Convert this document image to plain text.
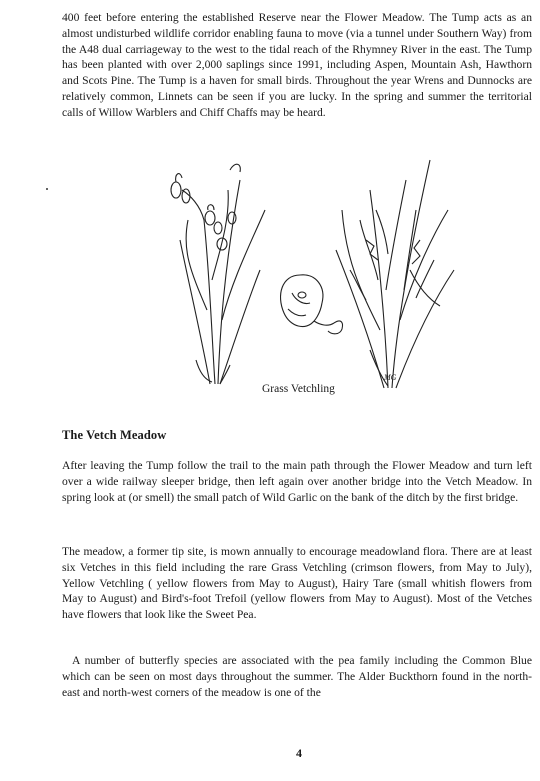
400 feet before entering the established Reserve near the Flower Meadow. The Tump acts as an almost undisturbed wildlife corridor enabling fauna to move (via a tunnel under Southern Way) from the A48 dual carriageway to the west to the tidal reach of the Rhymney River in the east. The Tump has been planted with over 2,000 saplings since 1991, including Aspen, Mountain Ash, Hawthorn and Scots Pine. The Tump is a haven for small birds. Throughout the year Wrens and Dunnocks are relatively common, Linnets can be seen if you are lucky. In the spring and summer the territorial calls of Willow Warblers and Chiff Chaffs may be heard.

MG

Grass Vetchling

The Vetch Meadow

After leaving the Tump follow the trail to the main path through the Flower Meadow and turn left over a wide railway sleeper bridge, then left again over another bridge into the Vetch Meadow. In spring look at (or smell) the small patch of Wild Garlic on the bank of the ditch by the first bridge.

The meadow, a former tip site, is mown annually to encourage meadowland flora. There are at least six Vetches in this field including the rare Grass Vetchling (crimson flowers, from May to July), Yellow Vetchling ( yellow flowers from May to August), Hairy Tare (small whitish flowers from May to August) and Bird's-foot Trefoil (yellow flowers from May to August). Most of the Vetches have flowers that look like the Sweet Pea.

A number of butterfly species are associated with the pea family including the Common Blue which can be seen on most days throughout the summer. The Alder Buckthorn found in the north-east and north-west corners of the meadow is one of the

4
